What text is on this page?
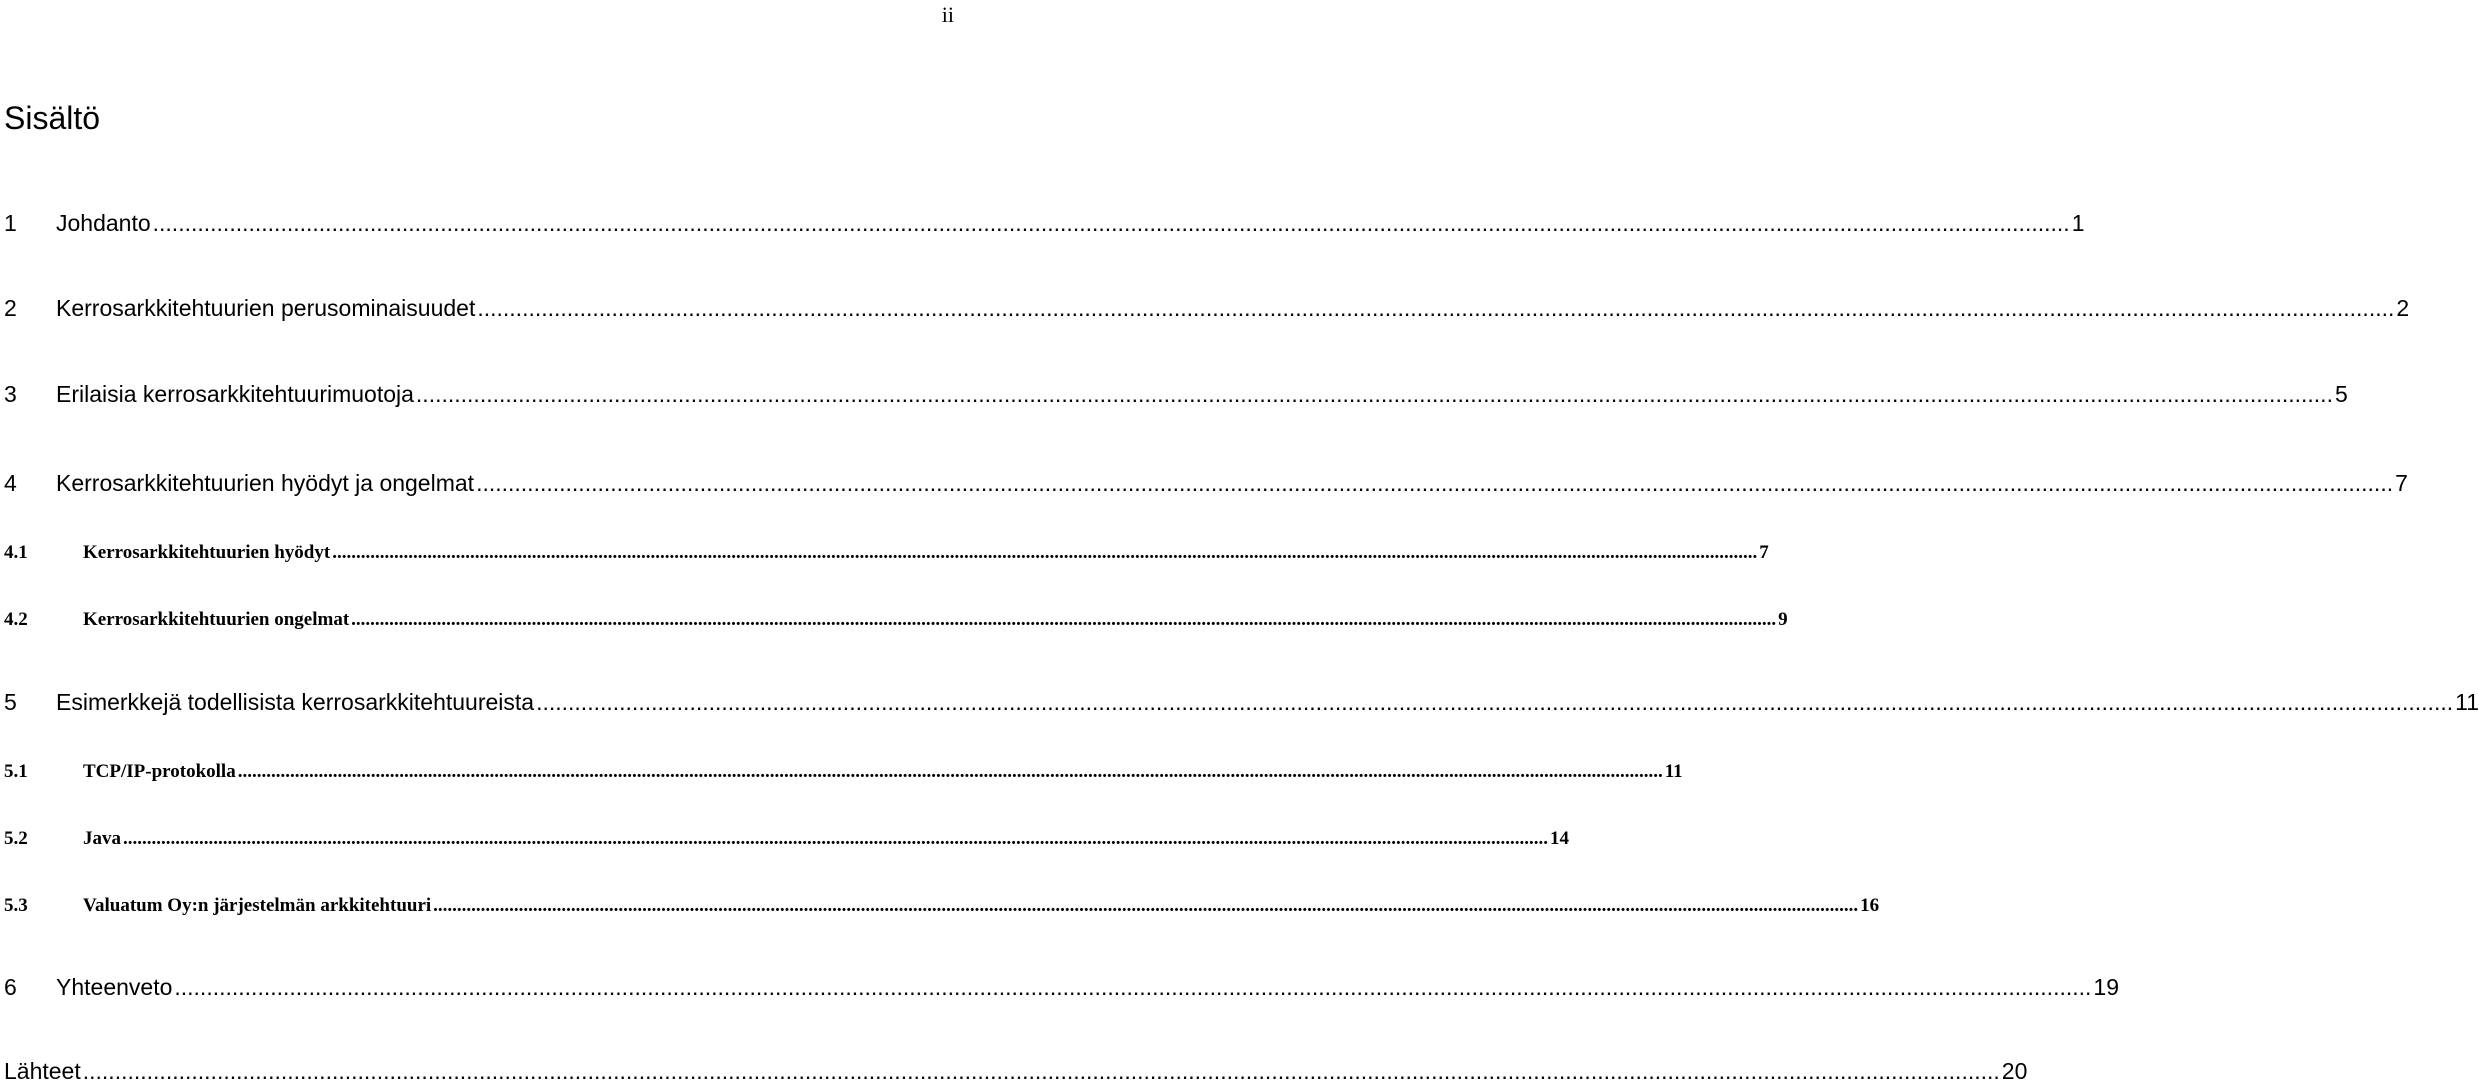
ii
Sisältö
1	Johdanto ............................................................................................................................................................................................................................................................................................................ 1
2	Kerrosarkkitehtuurien perusominaisuudet ............................................................................................................................................................................................................................................................................................................ 2
3	Erilaisia kerrosarkkitehtuurimuotoja ............................................................................................................................................................................................................................................................................................................ 5
4	Kerrosarkkitehtuurien hyödyt ja ongelmat ............................................................................................................................................................................................................................................................................................................ 7
4.1	Kerrosarkkitehtuurien hyödyt ............................................................................................................................................................................................................................................................................................................ 7
4.2	Kerrosarkkitehtuurien ongelmat ............................................................................................................................................................................................................................................................................................................ 9
5	Esimerkkejä todellisista kerrosarkkitehtuureista ............................................................................................................................................................................................................................................................................................................ 11
5.1	TCP/IP-protokolla ............................................................................................................................................................................................................................................................................................................ 11
5.2	Java ............................................................................................................................................................................................................................................................................................................ 14
5.3	Valuatum Oy:n järjestelmän arkkitehtuuri ............................................................................................................................................................................................................................................................................................................ 16
6	Yhteenveto ............................................................................................................................................................................................................................................................................................................ 19
Lähteet ............................................................................................................................................................................................................................................................................................................ 20
